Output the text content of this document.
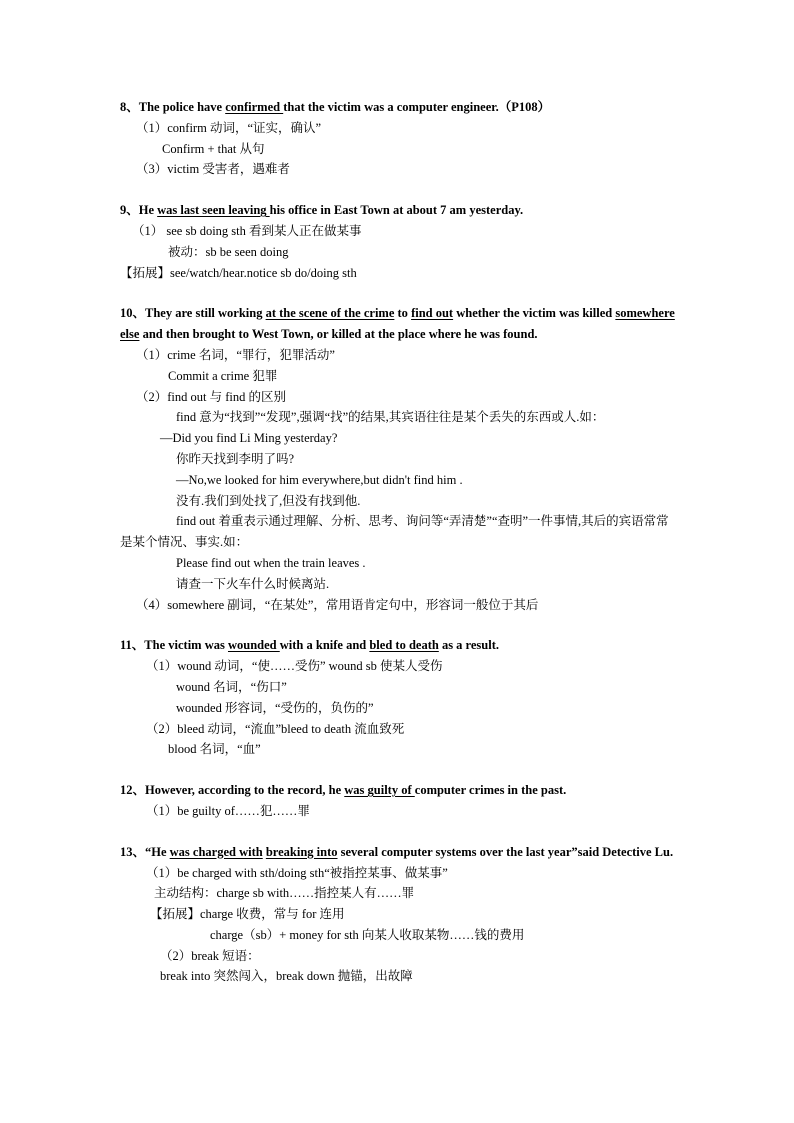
8、The police have confirmed that the victim was a computer engineer.（P108）
（1）confirm 动词，“证实，确认”
Confirm + that 从句
（3）victim 受害者，遇难者
9、He was last seen leaving his office in East Town at about 7 am yesterday.
（1） see sb doing sth 看到某人正在做某事
被动：sb be seen doing
【拓展】see/watch/hear.notice sb do/doing sth
10、They are still working at the scene of the crime to find out whether the victim was killed somewhere else and then brought to West Town, or killed at the place where he was found.
（1）crime 名词，“罪行，犯罪活动”
Commit a crime 犯罪
（2）find out 与 find 的区别
find 意为“找到”“发现”,强调“找”的结果,其宾语往往是某个丢失的东西或人.如：
—Did you find Li Ming yesterday?
你昨天找到李明了吗?
—No,we looked for him everywhere,but didn't find him .
没有.我们到处找了,但没有找到他.
find out 着重表示通过理解、分析、思考、询问等“弄清楚”“查明”一件事情,其后的宾语常常是某个情况、事实.如：
Please find out when the train leaves .
请查一下火车什么时候离站.
（4）somewhere 副词，“在某处”，常用语肯定句中，形容词一般位于其后
11、The victim was wounded with a knife and bled to death as a result.
（1）wound 动词，“使……受伤” wound sb 使某人受伤
wound 名词，“伤口”
wounded 形容词，“受伤的，负伤的”
（2）bleed 动词，“流血”bleed to death 流血致死
blood 名词，“血”
12、However, according to the record, he was guilty of computer crimes in the past.
（1）be guilty of……犯……罪
13、“He was charged with breaking into several computer systems over the last year”said Detective Lu.
（1）be charged with sth/doing sth“被指控某事、做某事”
主动结构：charge sb with……指控某人有……罪
【拓展】charge 收费，常与 for 连用
charge（sb）+ money for sth 向某人收取某物……钱的费用
（2）break 短语：
break into 突然闯入，break down 抛锚，出故障
